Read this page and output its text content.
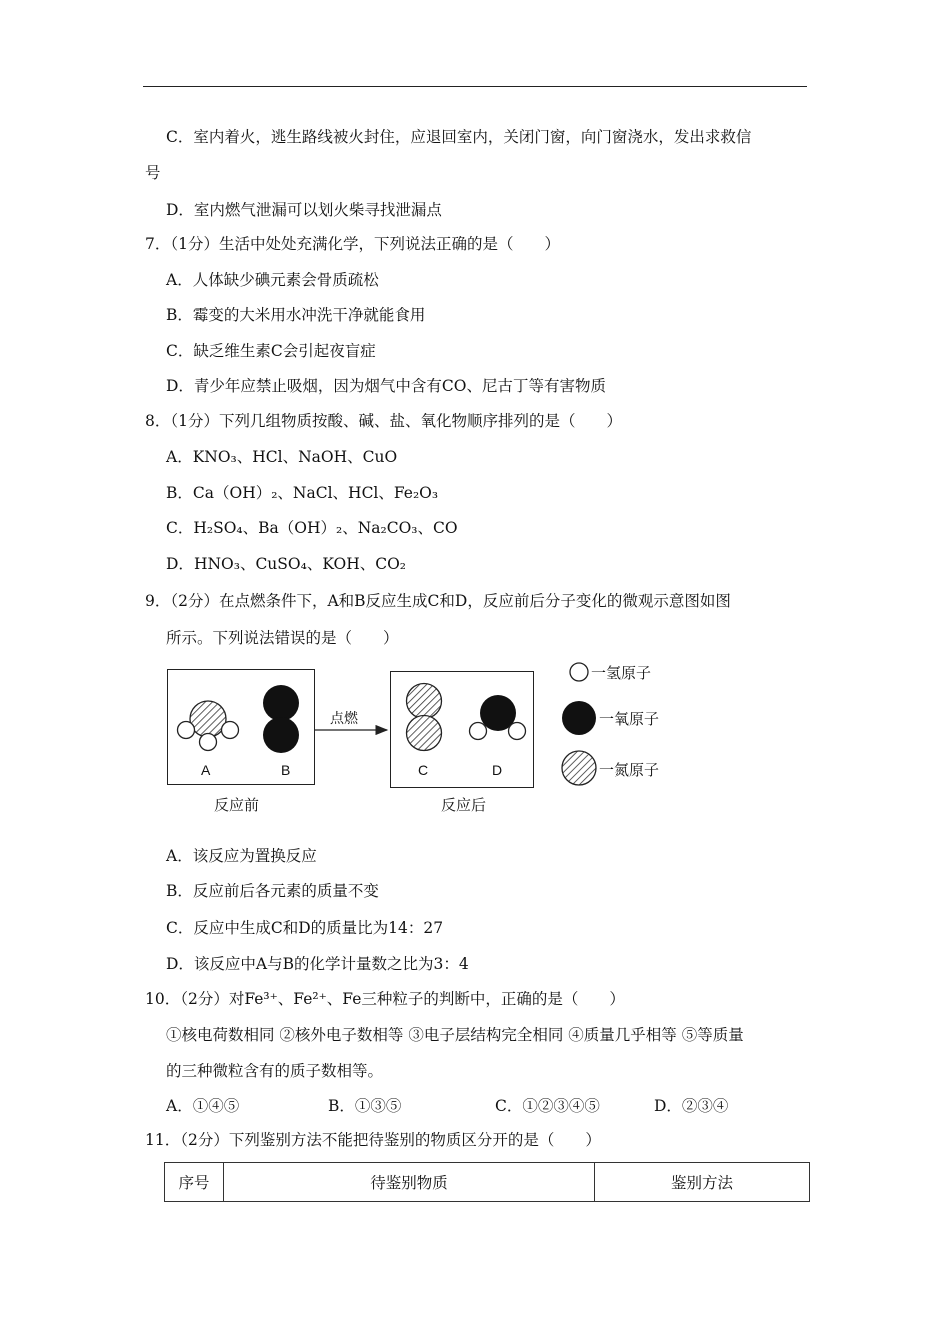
C．室内着火，逃生路线被火封住，应退回室内，关闭门窗，向门窗浇水，发出求救信
号
D．室内燃气泄漏可以划火柴寻找泄漏点
7．（1分）生活中处处充满化学，下列说法正确的是（　　）
A．人体缺少碘元素会骨质疏松
B．霉变的大米用水冲洗干净就能食用
C．缺乏维生素C会引起夜盲症
D．青少年应禁止吸烟，因为烟气中含有CO、尼古丁等有害物质
8．（1分）下列几组物质按酸、碱、盐、氧化物顺序排列的是（　　）
A．KNO₃、HCl、NaOH、CuO
B．Ca（OH）₂、NaCl、HCl、Fe₂O₃
C．H₂SO₄、Ba（OH）₂、Na₂CO₃、CO
D．HNO₃、CuSO₄、KOH、CO₂
9．（2分）在点燃条件下，A和B反应生成C和D，反应前后分子变化的微观示意图如图
所示。下列说法错误的是（　　）
A	B
反应前
点燃
C	D
反应后
一氢原子
一氧原子
一氮原子
A．该反应为置换反应
B．反应前后各元素的质量不变
C．反应中生成C和D的质量比为14：27
D．该反应中A与B的化学计量数之比为3：4
10．（2分）对Fe³⁺、Fe²⁺、Fe三种粒子的判断中，正确的是（　　）
①核电荷数相同 ②核外电子数相等 ③电子层结构完全相同 ④质量几乎相等 ⑤等质量
的三种微粒含有的质子数相等。
A．①④⑤	B．①③⑤	C．①②③④⑤	D．②③④
11．（2分）下列鉴别方法不能把待鉴别的物质区分开的是（　　）
序号	待鉴别物质	鉴别方法
